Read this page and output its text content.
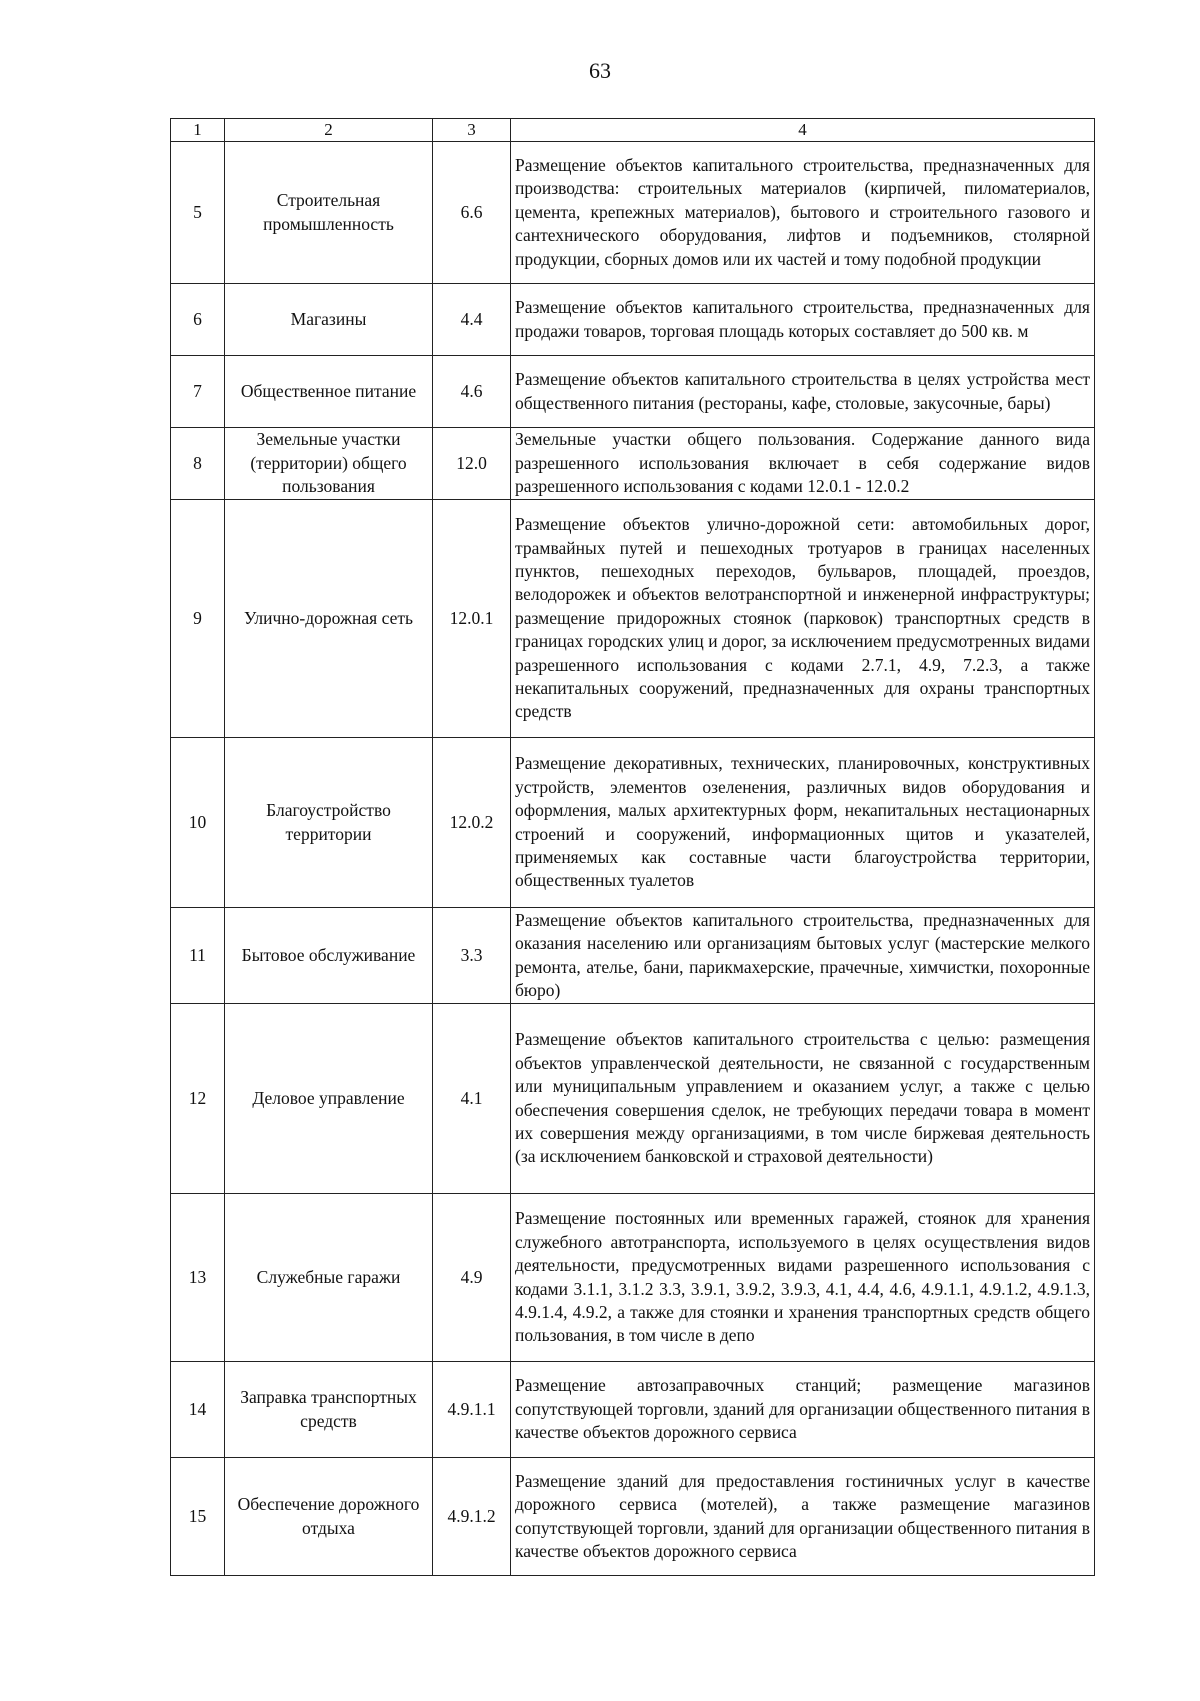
63
1	2	3	4
5	Строительная промышленность	6.6	Размещение объектов капитального строительства, предназначенных для производства: строительных материалов (кирпичей, пиломатериалов, цемента, крепежных материалов), бытового и строительного газового и сантехнического оборудования, лифтов и подъемников, столярной продукции, сборных домов или их частей и тому подобной продукции
6	Магазины	4.4	Размещение объектов капитального строительства, предназначенных для продажи товаров, торговая площадь которых составляет до 500 кв. м
7	Общественное питание	4.6	Размещение объектов капитального строительства в целях устройства мест общественного питания (рестораны, кафе, столовые, закусочные, бары)
8	Земельные участки (территории) общего пользования	12.0	Земельные участки общего пользования. Содержание данного вида разрешенного использования включает в себя содержание видов разрешенного использования с кодами 12.0.1 - 12.0.2
9	Улично-дорожная сеть	12.0.1	Размещение объектов улично-дорожной сети: автомобильных дорог, трамвайных путей и пешеходных тротуаров в границах населенных пунктов, пешеходных переходов, бульваров, площадей, проездов, велодорожек и объектов велотранспортной и инженерной инфраструктуры; размещение придорожных стоянок (парковок) транспортных средств в границах городских улиц и дорог, за исключением предусмотренных видами разрешенного использования с кодами 2.7.1, 4.9, 7.2.3, а также некапитальных сооружений, предназначенных для охраны транспортных средств
10	Благоустройство территории	12.0.2	Размещение декоративных, технических, планировочных, конструктивных устройств, элементов озеленения, различных видов оборудования и оформления, малых архитектурных форм, некапитальных нестационарных строений и сооружений, информационных щитов и указателей, применяемых как составные части благоустройства территории, общественных туалетов
11	Бытовое обслуживание	3.3	Размещение объектов капитального строительства, предназначенных для оказания населению или организациям бытовых услуг (мастерские мелкого ремонта, ателье, бани, парикмахерские, прачечные, химчистки, похоронные бюро)
12	Деловое управление	4.1	Размещение объектов капитального строительства с целью: размещения объектов управленческой деятельности, не связанной с государственным или муниципальным управлением и оказанием услуг, а также с целью обеспечения совершения сделок, не требующих передачи товара в момент их совершения между организациями, в том числе биржевая деятельность (за исключением банковской и страховой деятельности)
13	Служебные гаражи	4.9	Размещение постоянных или временных гаражей, стоянок для хранения служебного автотранспорта, используемого в целях осуществления видов деятельности, предусмотренных видами разрешенного использования с кодами 3.1.1, 3.1.2 3.3, 3.9.1, 3.9.2, 3.9.3, 4.1, 4.4, 4.6, 4.9.1.1, 4.9.1.2, 4.9.1.3, 4.9.1.4, 4.9.2, а также для стоянки и хранения транспортных средств общего пользования, в том числе в депо
14	Заправка транспортных средств	4.9.1.1	Размещение автозаправочных станций; размещение магазинов сопутствующей торговли, зданий для организации общественного питания в качестве объектов дорожного сервиса
15	Обеспечение дорожного отдыха	4.9.1.2	Размещение зданий для предоставления гостиничных услуг в качестве дорожного сервиса (мотелей), а также размещение магазинов сопутствующей торговли, зданий для организации общественного питания в качестве объектов дорожного сервиса
